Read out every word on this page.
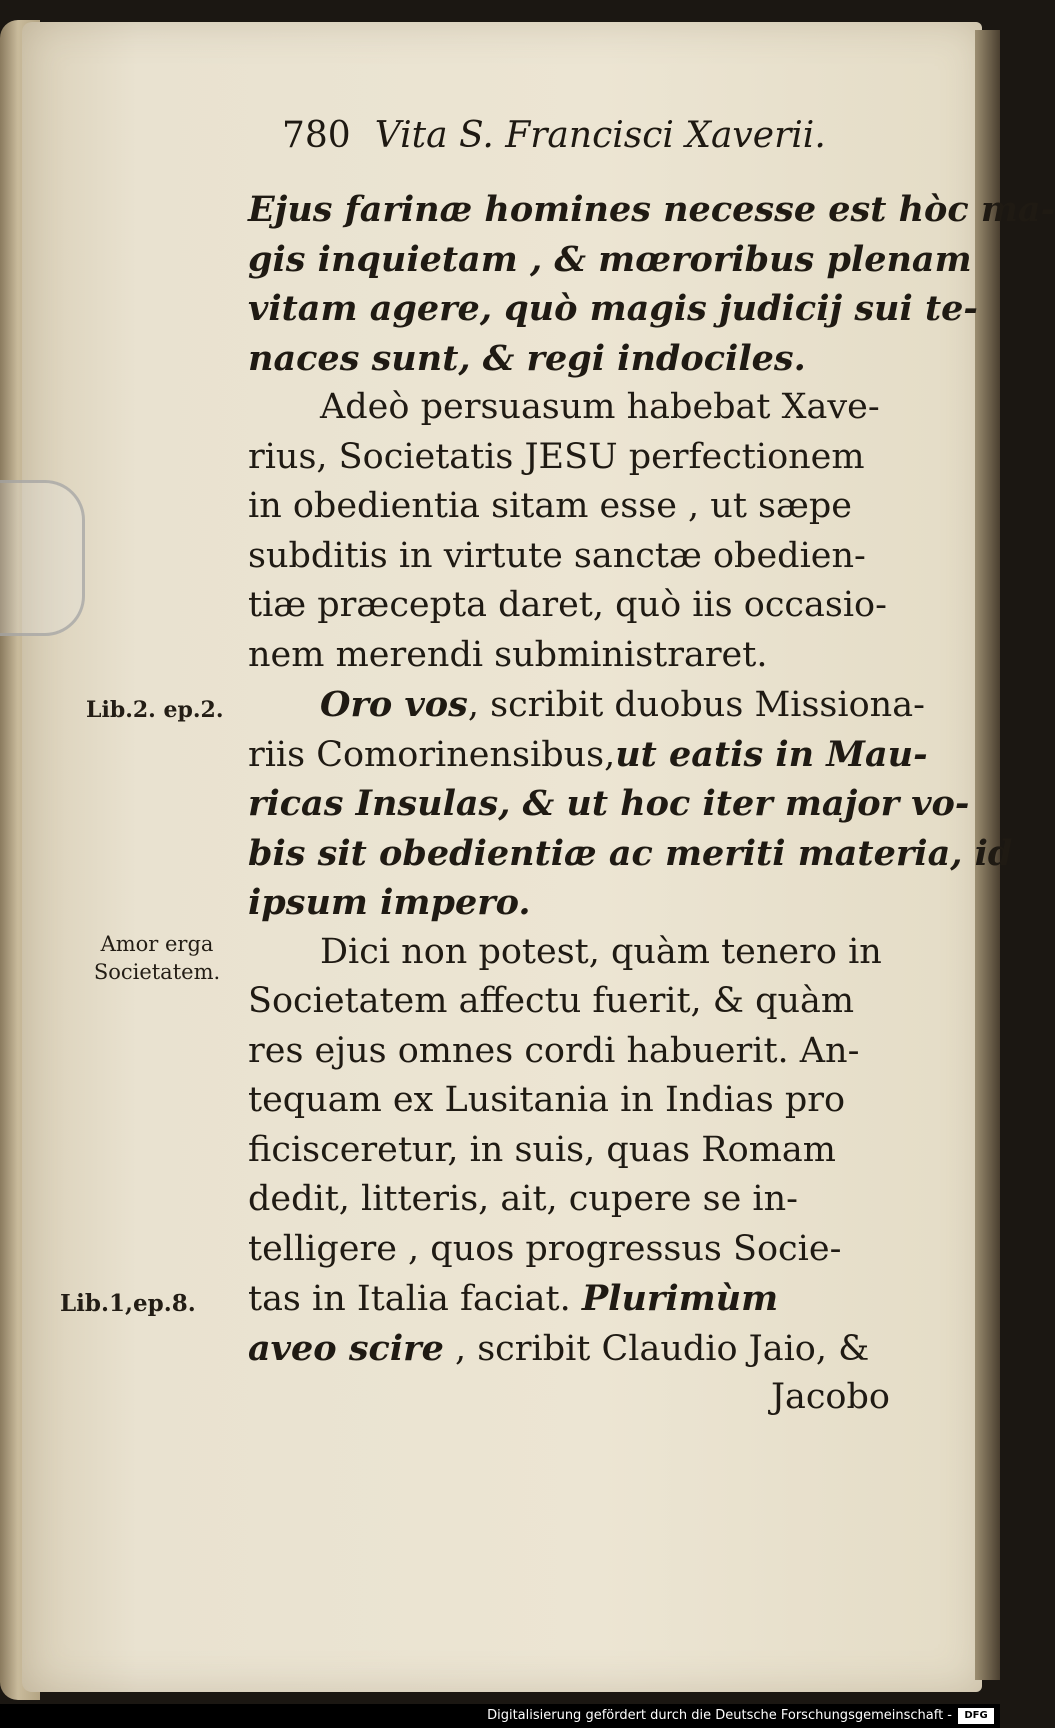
780 Vita S. Francisci Xaverii.
Lib.2. ep.2.
Amor erga
Societatem.
Lib.1,ep.8.
Ejus farinæ homines necesse est hòc ma-
gis inquietam , & mœroribus plenam
vitam agere, quò magis judicij sui te-
naces sunt, & regi indociles.
Adeò persuasum habebat Xave-
rius, Societatis JESU perfectionem
in obedientia sitam esse , ut sæpe
subditis in virtute sanctæ obedien-
tiæ præcepta daret, quò iis occasio-
nem merendi subministraret.
Oro vos, scribit duobus Missiona-
riis Comorinensibus,ut eatis in Mau-
ricas Insulas, & ut hoc iter major vo-
bis sit obedientiæ ac meriti materia, id
ipsum impero.
Dici non potest, quàm tenero in
Societatem affectu fuerit, & quàm
res ejus omnes cordi habuerit. An-
tequam ex Lusitania in Indias pro
ficisceretur, in suis, quas Romam
dedit, litteris, ait, cupere se in-
telligere , quos progressus Socie-
tas in Italia faciat. Plurimùm
aveo scire , scribit Claudio Jaio, &
Jacobo
Digitalisierung gefördert durch die Deutsche Forschungsgemeinschaft -	DFG
